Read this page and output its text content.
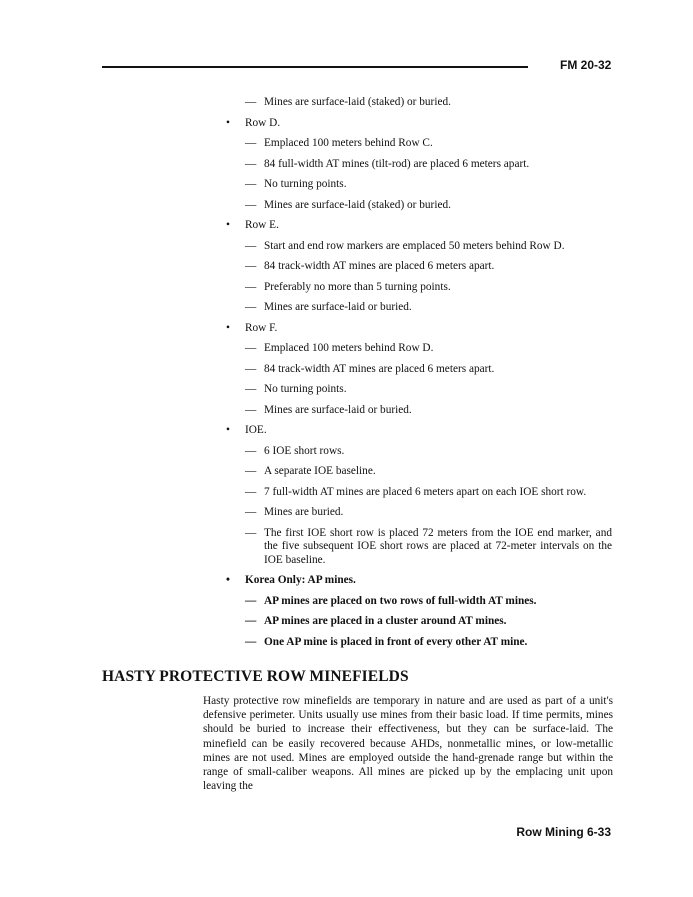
FM 20-32
— Mines are surface-laid (staked) or buried.
• Row D.
— Emplaced 100 meters behind Row C.
— 84 full-width AT mines (tilt-rod) are placed 6 meters apart.
— No turning points.
— Mines are surface-laid (staked) or buried.
• Row E.
— Start and end row markers are emplaced 50 meters behind Row D.
— 84 track-width AT mines are placed 6 meters apart.
— Preferably no more than 5 turning points.
— Mines are surface-laid or buried.
• Row F.
— Emplaced 100 meters behind Row D.
— 84 track-width AT mines are placed 6 meters apart.
— No turning points.
— Mines are surface-laid or buried.
• IOE.
— 6 IOE short rows.
— A separate IOE baseline.
— 7 full-width AT mines are placed 6 meters apart on each IOE short row.
— Mines are buried.
— The first IOE short row is placed 72 meters from the IOE end marker, and the five subsequent IOE short rows are placed at 72-meter intervals on the IOE baseline.
• Korea Only: AP mines.
— AP mines are placed on two rows of full-width AT mines.
— AP mines are placed in a cluster around AT mines.
— One AP mine is placed in front of every other AT mine.
HASTY PROTECTIVE ROW MINEFIELDS

Hasty protective row minefields are temporary in nature and are used as part of a unit's defensive perimeter. Units usually use mines from their basic load. If time permits, mines should be buried to increase their effectiveness, but they can be surface-laid. The minefield can be easily recovered because AHDs, nonmetallic mines, or low-metallic mines are not used. Mines are employed outside the hand-grenade range but within the range of small-caliber weapons. All mines are picked up by the emplacing unit upon leaving the

Row Mining 6-33
